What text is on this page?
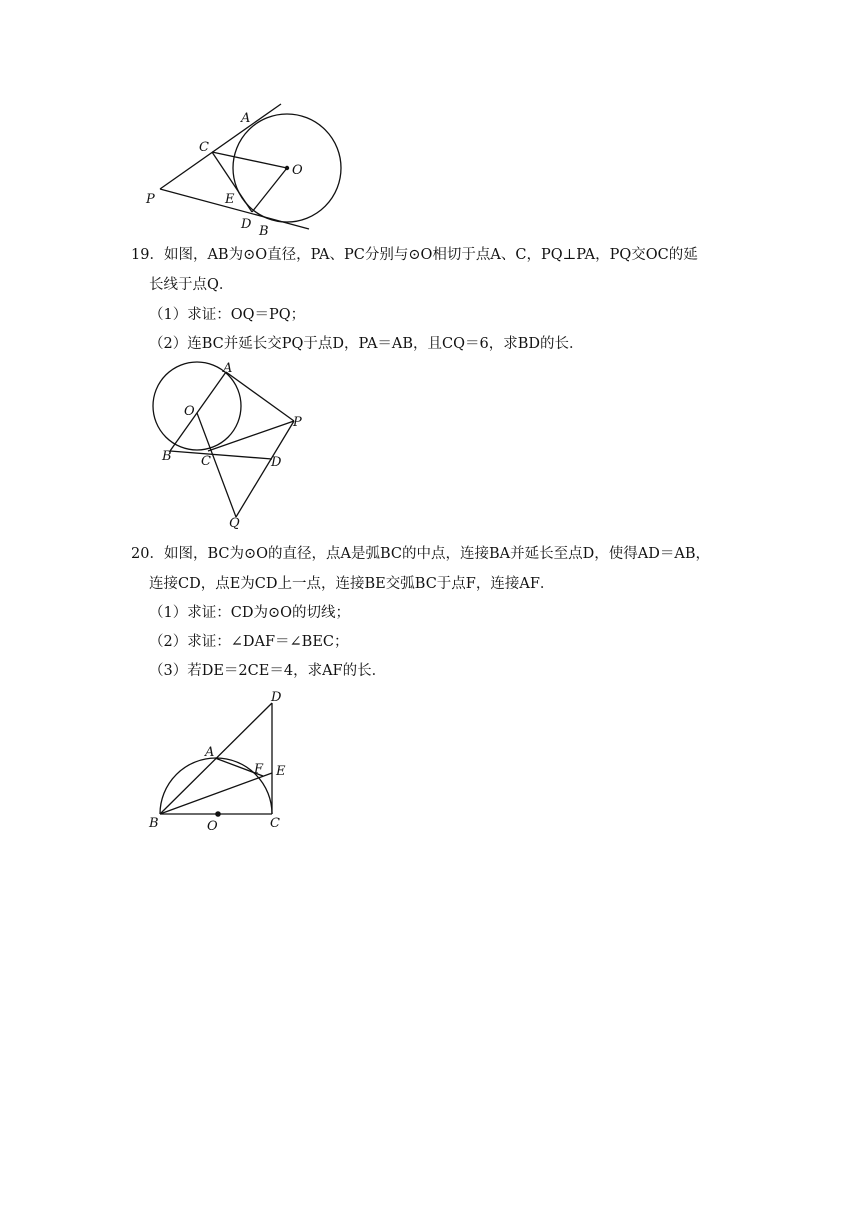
A
C
O
P	E
D B
19．如图，AB为⊙O直径，PA、PC分别与⊙O相切于点A、C，PQ⊥PA，PQ交OC的延
长线于点Q．
（1）求证：OQ＝PQ；
（2）连BC并延长交PQ于点D，PA＝AB，且CQ＝6，求BD的长．
A
O
P
B C	D
Q
20．如图，BC为⊙O的直径，点A是弧BC的中点，连接BA并延长至点D，使得AD＝AB，
连接CD，点E为CD上一点，连接BE交弧BC于点F，连接AF．
（1）求证：CD为⊙O的切线；
（2）求证：∠DAF＝∠BEC；
（3）若DE＝2CE＝4，求AF的长．
D
A
F E
B	O	C
